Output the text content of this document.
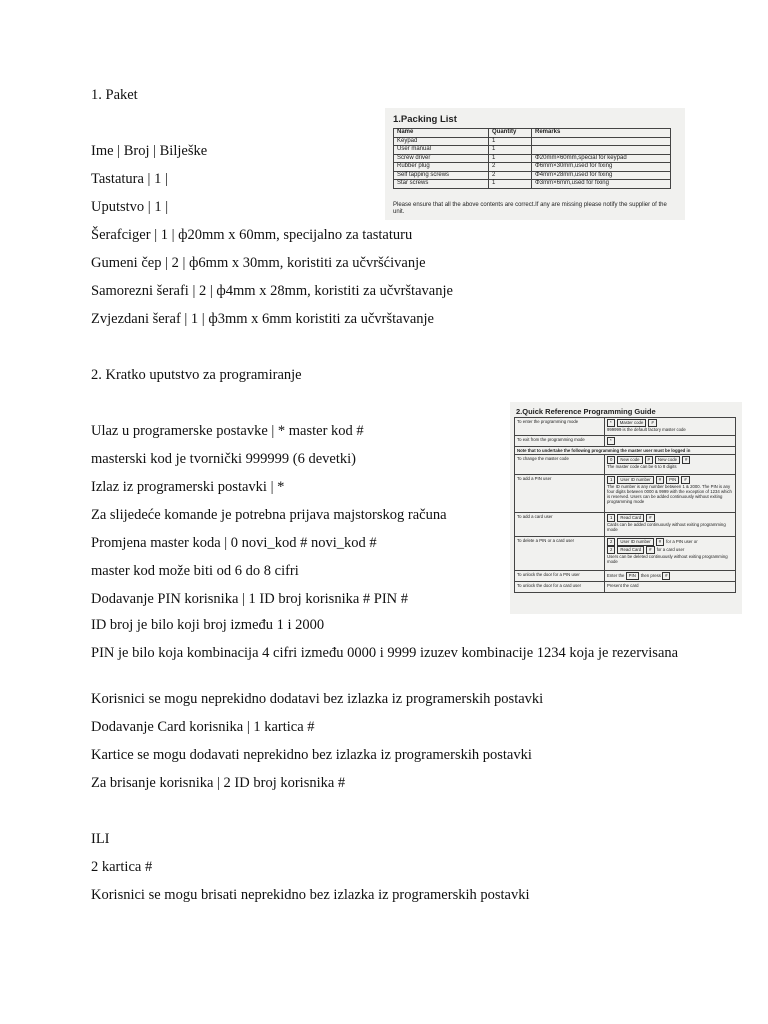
1. Paket
Ime | Broj | Bilješke
Tastatura | 1 |
Uputstvo | 1 |
Šerafciger | 1 | ф20mm x 60mm, specijalno za tastaturu
Gumeni čep | 2 | ф6mm x 30mm, koristiti za učvršćivanje
Samorezni šerafi | 2 | ф4mm x 28mm, koristiti za učvrštavanje
Zvjezdani šeraf | 1 | ф3mm x 6mm koristiti za učvrštavanje
2. Kratko uputstvo za programiranje
Ulaz u programerske postavke | * master kod #
masterski kod je tvornički 999999 (6 devetki)
Izlaz iz programerski postavki | *
Za slijedeće komande je potrebna prijava majstorskog računa
Promjena master koda | 0 novi_kod # novi_kod #
master kod može biti od 6 do 8 cifri
Dodavanje PIN korisnika | 1 ID broj korisnika # PIN #
ID broj je bilo koji broj između 1 i 2000
PIN je bilo koja kombinacija 4 cifri između 0000 i 9999 izuzev kombinacije 1234 koja je rezervisana
Korisnici se mogu neprekidno dodatavi bez izlazka iz programerskih postavki
Dodavanje Card korisnika | 1 kartica #
Kartice se mogu dodavati neprekidno bez izlazka iz programerskih postavki
Za brisanje korisnika | 2 ID broj korisnika #
ILI
2 kartica #
Korisnici se mogu brisati neprekidno bez izlazka iz programerskih postavki
1.Packing List
Name	Quantity	Remarks
Keypad	1	
User manual	1	
Screw driver	1	Φ20mm×60mm,special for keypad
Rubber plug	2	Φ6mm×30mm,used for fixing
Self tapping screws	2	Φ4mm×28mm,used for fixing
Star screws	1	Φ3mm×6mm,used for fixing
Please ensure that all the above contents are correct.If any are missing please notify the supplier of the unit.
2.Quick Reference Programming Guide
To enter the programming mode	* Master code #
999999 is the default factory master code

To exit from the programming mode	*
Note that to undertake the following programming the master user must be logged in	
To change the master code	0 New code # New code #
The master code can be 6 to 8 digits

To add a PIN user	1 User ID number # PIN #
The ID number is any number between 1 & 2000. The PIN is any four digits between 0000 & 9999 with the exception of 1234 which is reserved. Users can be added continuously without exiting programming mode

To add a card user	1 Read Card #
Cards can be added continuously without exiting programming mode

To delete a PIN or a card user	2 User ID number # for a PIN user or
2 Read Card # for a card user
Users can be deleted continuously without exiting programming mode

To unlock the door for a PIN user	Enter the PIN then press #
To unlock the door for a card user	Present the card
